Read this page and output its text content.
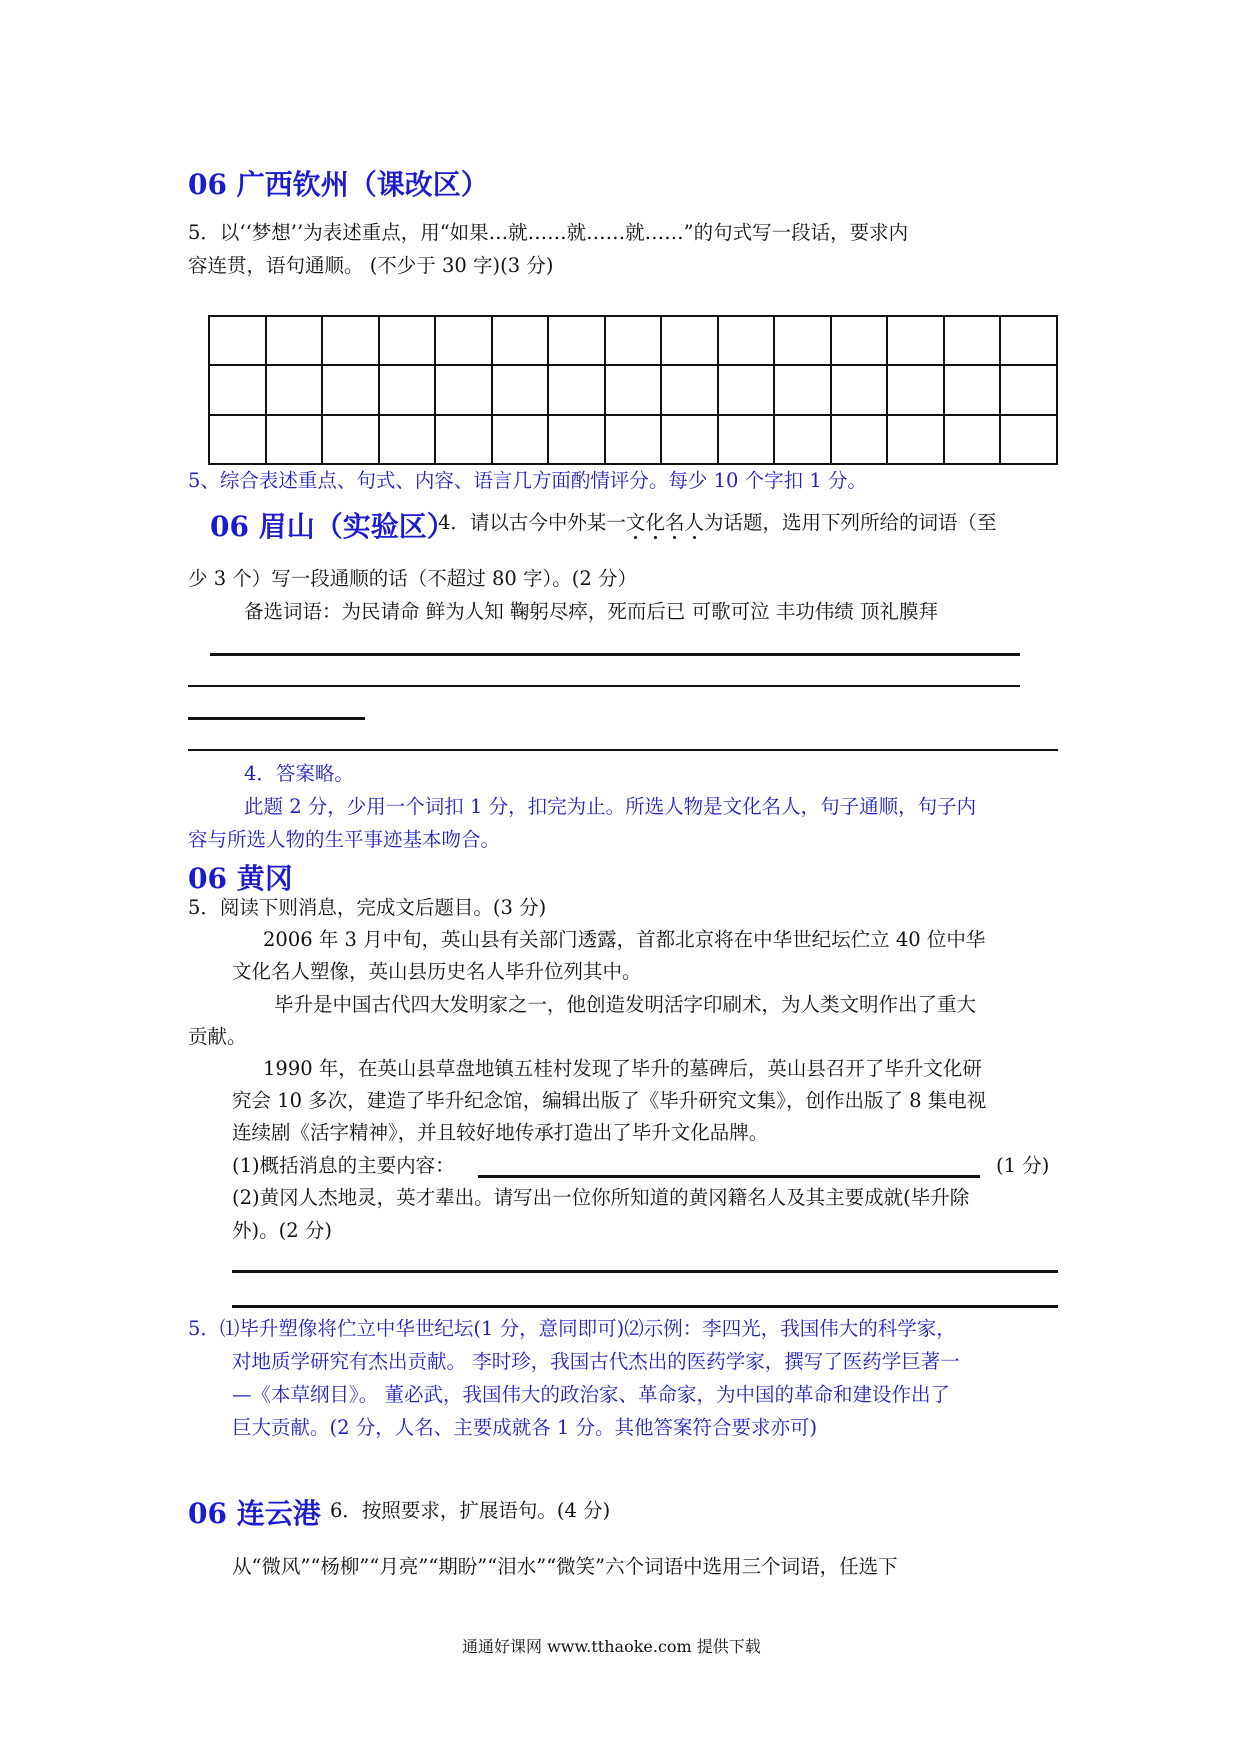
06 广西钦州（课改区）
5．以‘‘梦想’’为表述重点，用“如果…就……就……就……”的句式写一段话，要求内
容连贯，语句通顺。 (不少于 30 字)(3 分)

5、综合表述重点、句式、内容、语言几方面酌情评分。每少 10 个字扣 1 分。
06 眉山（实验区）
4．请以古今中外某一文化名人为话题，选用下列所给的词语（至
少 3 个）写一段通顺的话（不超过 80 字）。(2 分）
备选词语：为民请命 鲜为人知 鞠躬尽瘁，死而后已 可歌可泣 丰功伟绩 顶礼膜拜
4．答案略。
此题 2 分，少用一个词扣 1 分，扣完为止。所选人物是文化名人，句子通顺，句子内
容与所选人物的生平事迹基本吻合。
06 黄冈
5．阅读下则消息，完成文后题目。(3 分)
2006 年 3 月中旬，英山县有关部门透露，首都北京将在中华世纪坛伫立 40 位中华
文化名人塑像，英山县历史名人毕升位列其中。
毕升是中国古代四大发明家之一，他创造发明活字印刷术，为人类文明作出了重大
贡献。
1990 年，在英山县草盘地镇五桂村发现了毕升的墓碑后，英山县召开了毕升文化研
究会 10 多次，建造了毕升纪念馆，编辑出版了《毕升研究文集》，创作出版了 8 集电视
连续剧《活字精神》，并且较好地传承打造出了毕升文化品牌。
(1)概括消息的主要内容：	(1 分)
(2)黄冈人杰地灵，英才辈出。请写出一位你所知道的黄冈籍名人及其主要成就(毕升除
外)。(2 分)
5．⑴毕升塑像将伫立中华世纪坛(1 分，意同即可)⑵示例：李四光，我国伟大的科学家，
对地质学研究有杰出贡献。 李时珍，我国古代杰出的医药学家，撰写了医药学巨著一
—《本草纲目》。 董必武，我国伟大的政治家、革命家，为中国的革命和建设作出了
巨大贡献。(2 分，人名、主要成就各 1 分。其他答案符合要求亦可)
06 连云港 6．按照要求，扩展语句。(4 分)
从“微风”“杨柳”“月亮”“期盼”“泪水”“微笑”六个词语中选用三个词语，任选下
通通好课网 www.tthaoke.com 提供下载
